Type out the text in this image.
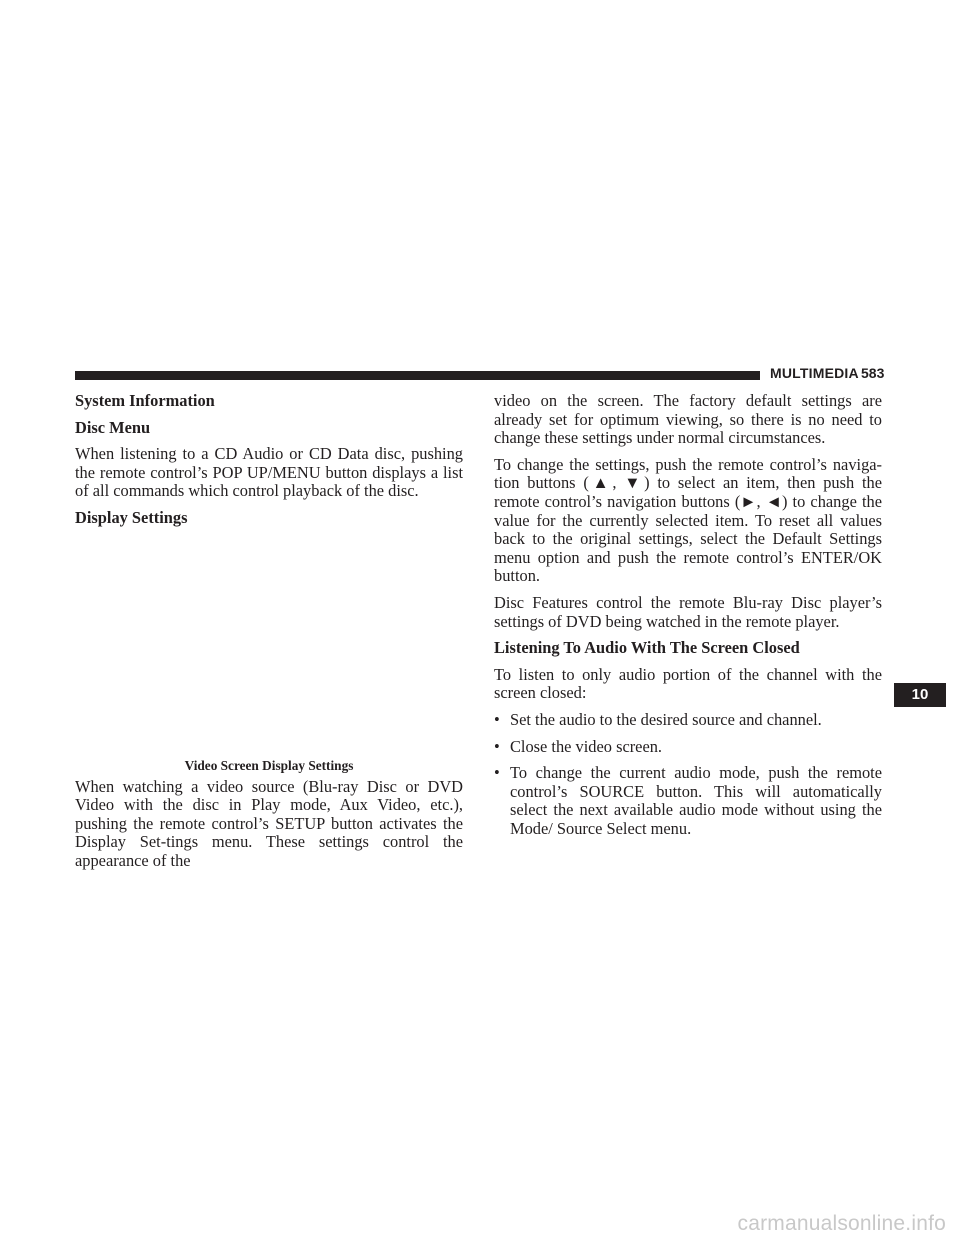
MULTIMEDIA 583
System Information
Disc Menu
When listening to a CD Audio or CD Data disc, pushing the remote control’s POP UP/MENU button displays a list of all commands which control playback of the disc.
Display Settings
Video Screen Display Settings
When watching a video source (Blu-ray Disc or DVD Video with the disc in Play mode, Aux Video, etc.), pushing the remote control’s SETUP button activates the Display Set-tings menu. These settings control the appearance of the
video on the screen. The factory default settings are already set for optimum viewing, so there is no need to change these settings under normal circumstances.
To change the settings, push the remote control’s naviga-tion buttons (▲, ▼) to select an item, then push the remote control’s navigation buttons (►, ◄) to change the value for the currently selected item. To reset all values back to the original settings, select the Default Settings menu option and push the remote control’s ENTER/OK button.
Disc Features control the remote Blu-ray Disc player’s settings of DVD being watched in the remote player.
Listening To Audio With The Screen Closed
To listen to only audio portion of the channel with the screen closed:
• Set the audio to the desired source and channel.
• Close the video screen.
• To change the current audio mode, push the remote control’s SOURCE button. This will automatically select the next available audio mode without using the Mode/ Source Select menu.
10
carmanualsonline.info
